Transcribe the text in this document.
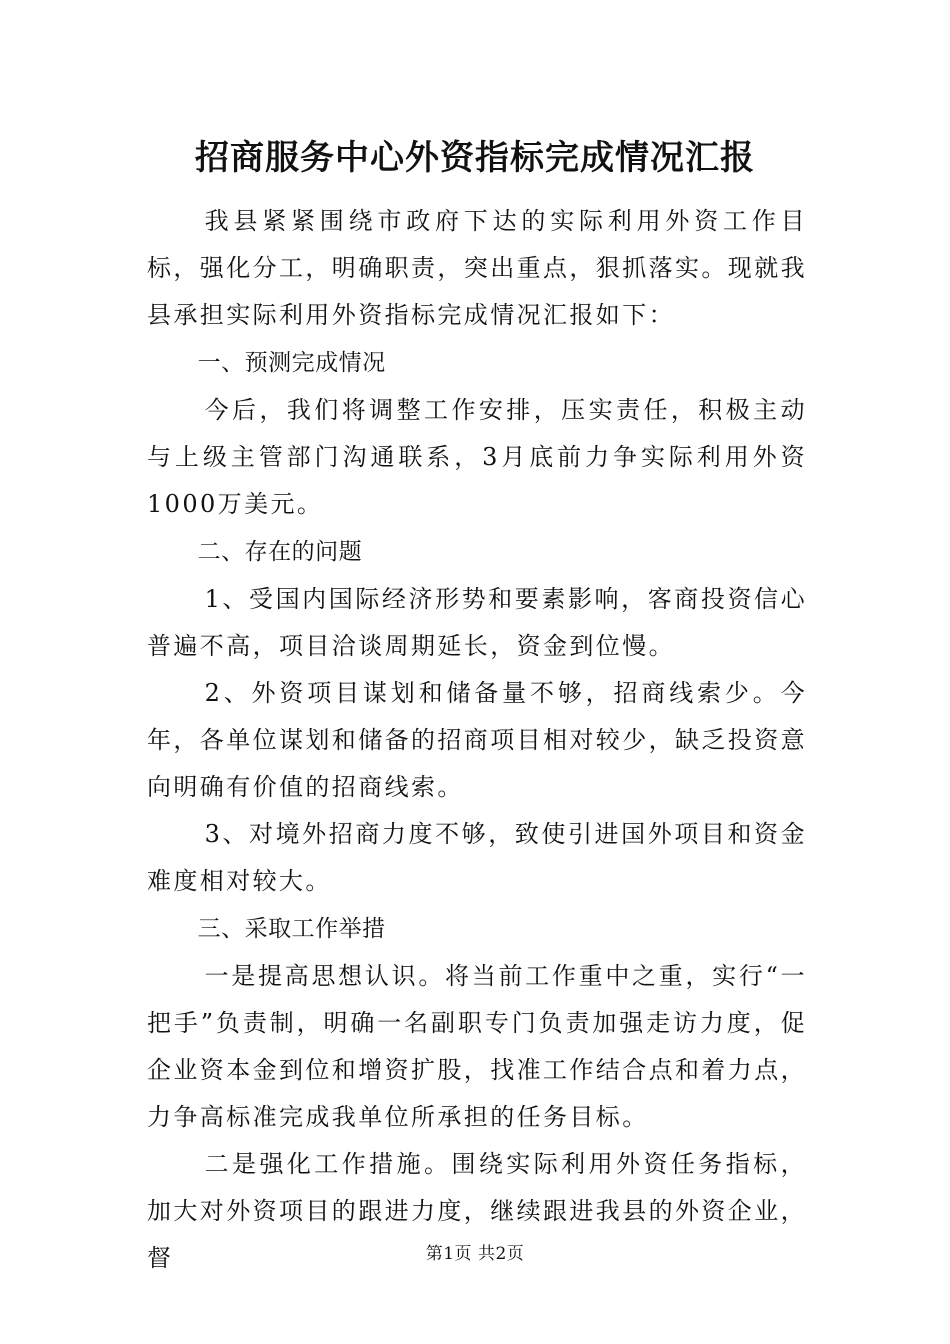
招商服务中心外资指标完成情况汇报

我县紧紧围绕市政府下达的实际利用外资工作目标，强化分工，明确职责，突出重点，狠抓落实。现就我县承担实际利用外资指标完成情况汇报如下：

一、预测完成情况

今后，我们将调整工作安排，压实责任，积极主动与上级主管部门沟通联系，3月底前力争实际利用外资1000万美元。

二、存在的问题

1、受国内国际经济形势和要素影响，客商投资信心普遍不高，项目洽谈周期延长，资金到位慢。

2、外资项目谋划和储备量不够，招商线索少。今年，各单位谋划和储备的招商项目相对较少，缺乏投资意向明确有价值的招商线索。

3、对境外招商力度不够，致使引进国外项目和资金难度相对较大。

三、采取工作举措

一是提高思想认识。将当前工作重中之重，实行“一把手”负责制，明确一名副职专门负责加强走访力度，促企业资本金到位和增资扩股，找准工作结合点和着力点，力争高标准完成我单位所承担的任务目标。

二是强化工作措施。围绕实际利用外资任务指标，加大对外资项目的跟进力度，继续跟进我县的外资企业，督	第1页 共2页
